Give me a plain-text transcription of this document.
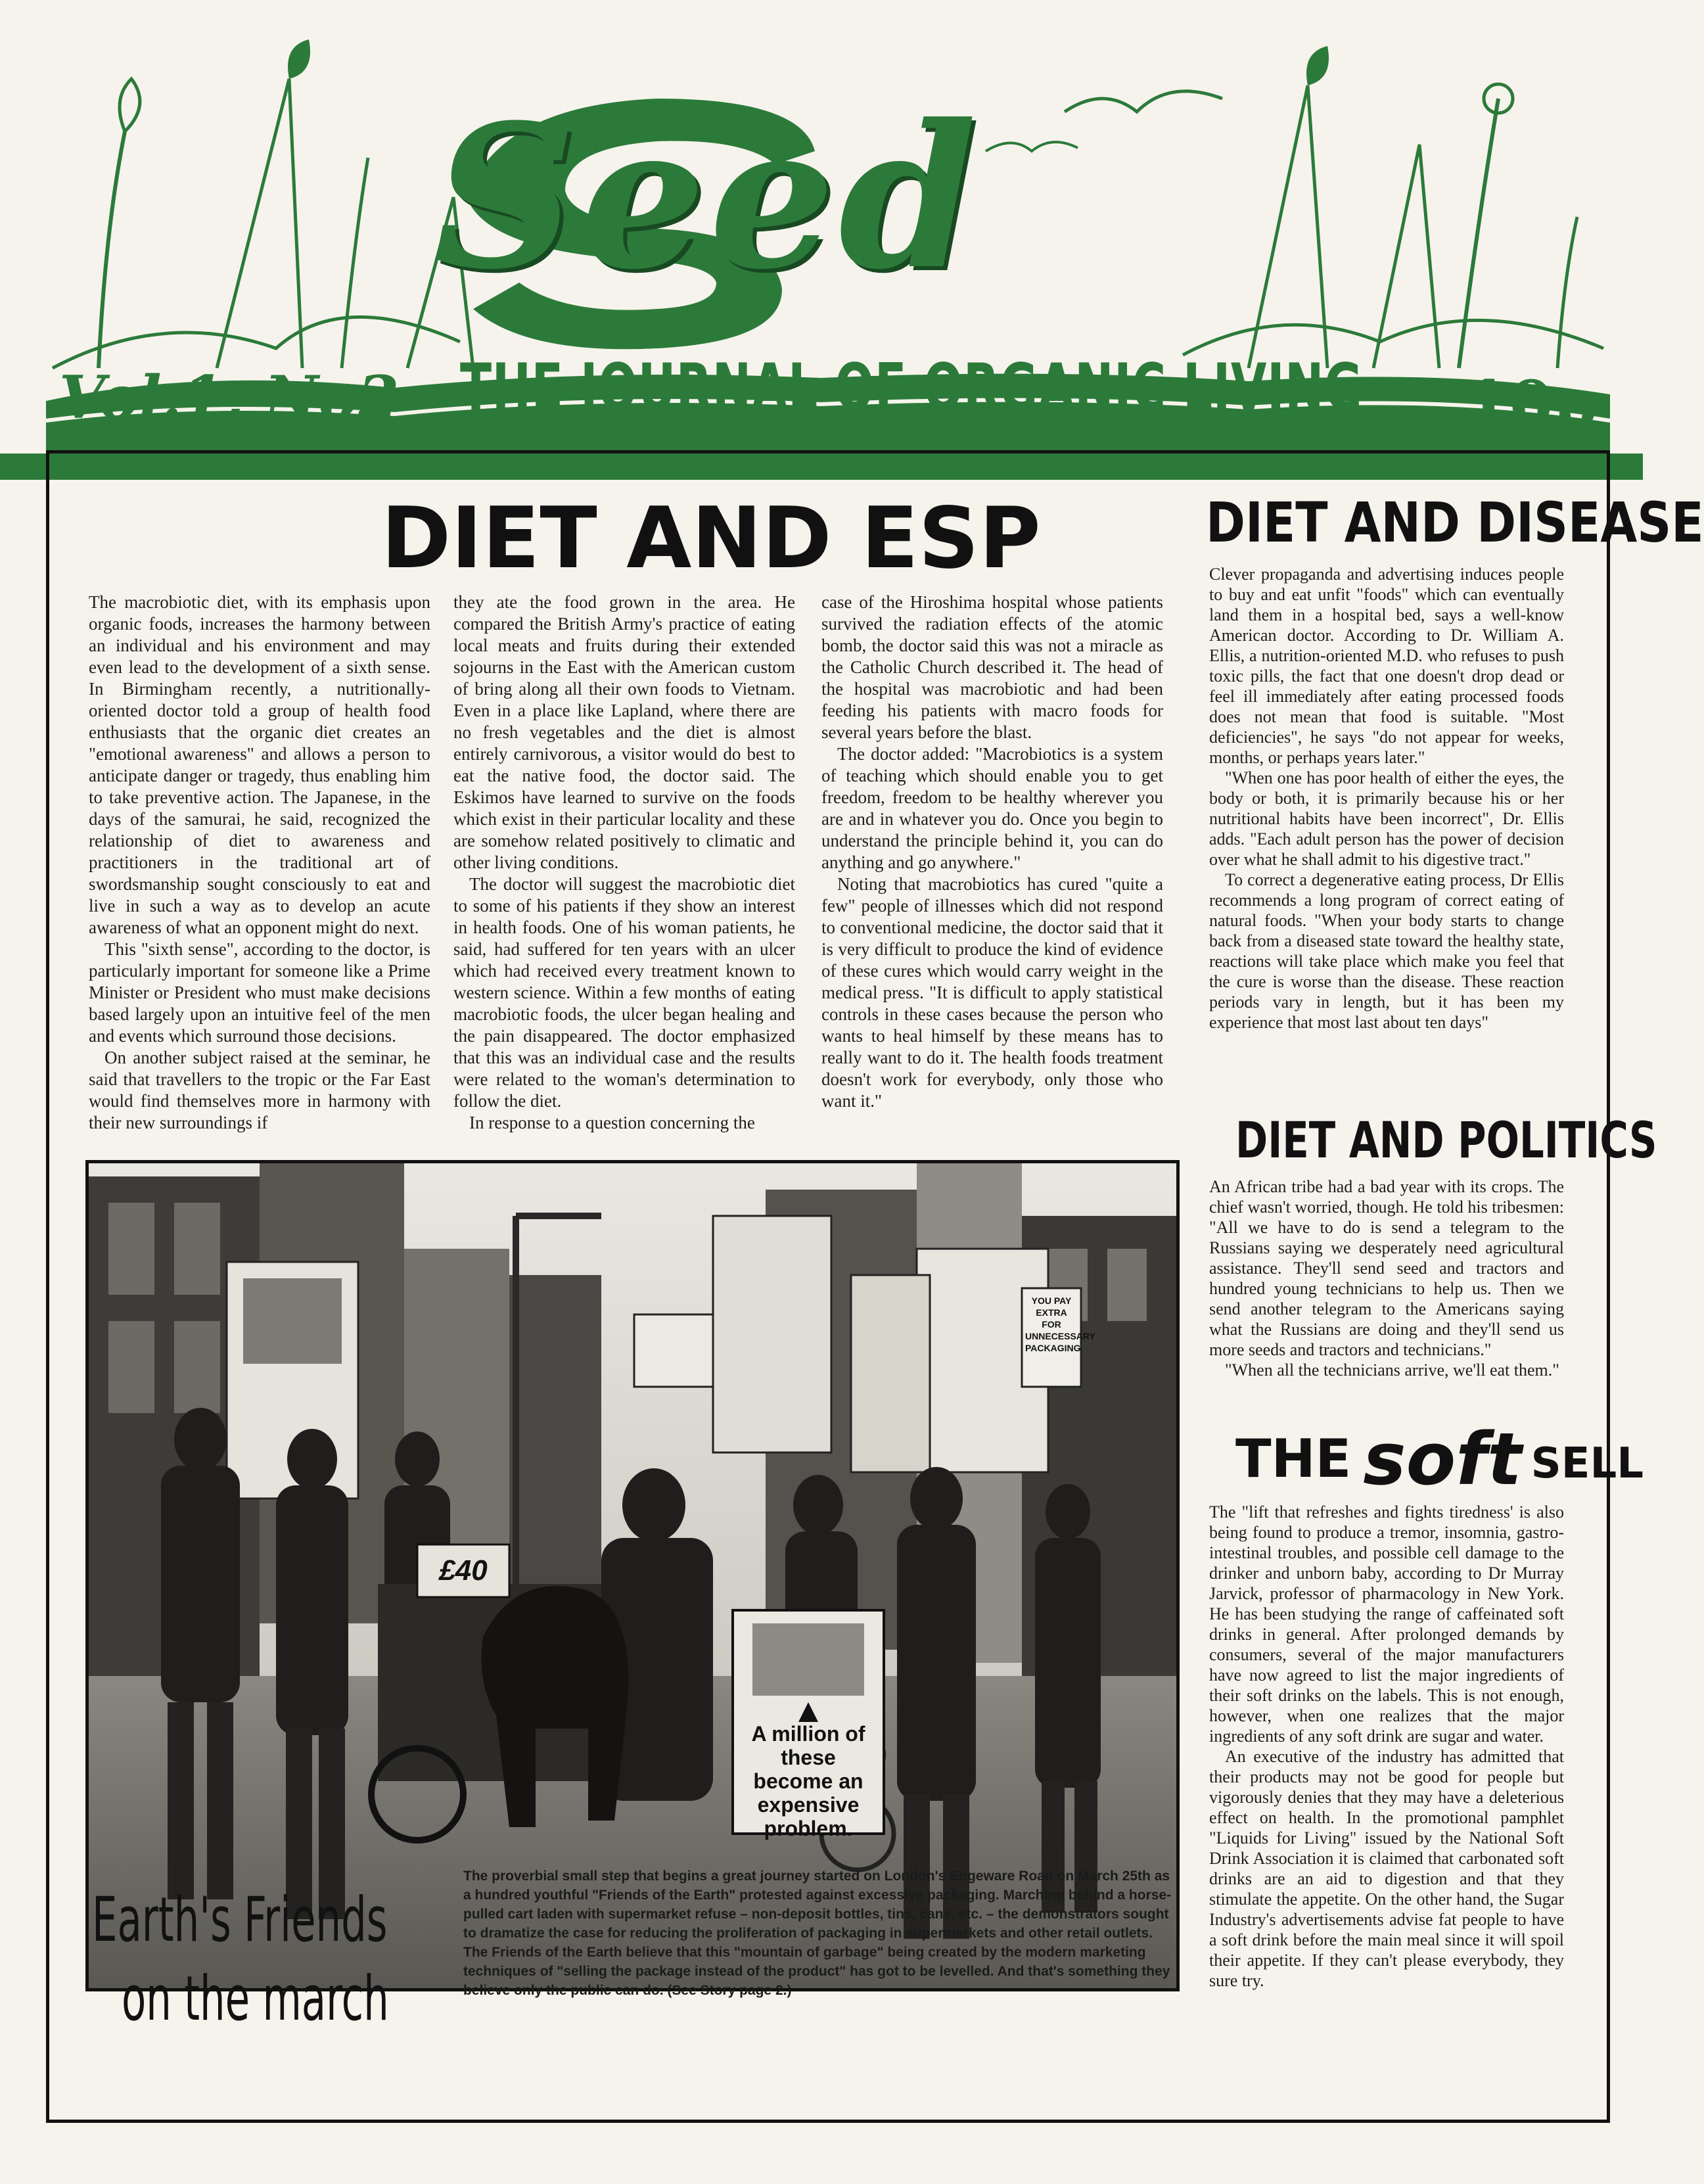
Seed
THE JOURNAL OF ORGANIC LIVING
Vol.1, No2	10p
DIET AND ESP

The macrobiotic diet, with its emphasis upon organic foods, increases the harmony between an individual and his environment and may even lead to the development of a sixth sense. In Birmingham recently, a nutritionally-oriented doctor told a group of health food enthusiasts that the organic diet creates an "emotional awareness" and allows a person to anticipate danger or tragedy, thus enabling him to take preventive action. The Japanese, in the days of the samurai, he said, recognized the relationship of diet to awareness and practitioners in the traditional art of swordsmanship sought consciously to eat and live in such a way as to develop an acute awareness of what an opponent might do next.

This "sixth sense", according to the doctor, is particularly important for someone like a Prime Minister or President who must make decisions based largely upon an intuitive feel of the men and events which surround those decisions.

On another subject raised at the seminar, he said that travellers to the tropic or the Far East would find themselves more in harmony with their new surroundings if

they ate the food grown in the area. He compared the British Army's practice of eating local meats and fruits during their extended sojourns in the East with the American custom of bring along all their own foods to Vietnam. Even in a place like Lapland, where there are no fresh vegetables and the diet is almost entirely carnivorous, a visitor would do best to eat the native food, the doctor said. The Eskimos have learned to survive on the foods which exist in their particular locality and these are somehow related positively to climatic and other living conditions.

The doctor will suggest the macrobiotic diet to some of his patients if they show an interest in health foods. One of his woman patients, he said, had suffered for ten years with an ulcer which had received every treatment known to western science. Within a few months of eating macrobiotic foods, the ulcer began healing and the pain disappeared. The doctor emphasized that this was an individual case and the results were related to the woman's determination to follow the diet.

In response to a question concerning the

case of the Hiroshima hospital whose patients survived the radiation effects of the atomic bomb, the doctor said this was not a miracle as the Catholic Church described it. The head of the hospital was macrobiotic and had been feeding his patients with macro foods for several years before the blast.

The doctor added: "Macrobiotics is a system of teaching which should enable you to get freedom, freedom to be healthy wherever you are and in whatever you do. Once you begin to understand the principle behind it, you can do anything and go anywhere."

Noting that macrobiotics has cured "quite a few" people of illnesses which did not respond to conventional medicine, the doctor said that it is very difficult to produce the kind of evidence of these cures which would carry weight in the medical press. "It is difficult to apply statistical controls in these cases because the person who wants to heal himself by these means has to really want to do it. The health foods treatment doesn't work for everybody, only those who want it."

DIET AND DISEASE

Clever propaganda and advertising induces people to buy and eat unfit "foods" which can eventually land them in a hospital bed, says a well-know American doctor. According to Dr. William A. Ellis, a nutrition-oriented M.D. who refuses to push toxic pills, the fact that one doesn't drop dead or feel ill immediately after eating processed foods does not mean that food is suitable. "Most deficiencies", he says "do not appear for weeks, months, or perhaps years later."

"When one has poor health of either the eyes, the body or both, it is primarily because his or her nutritional habits have been incorrect", Dr. Ellis adds. "Each adult person has the power of decision over what he shall admit to his digestive tract."

To correct a degenerative eating process, Dr Ellis recommends a long program of correct eating of natural foods. "When your body starts to change back from a diseased state toward the healthy state, reactions will take place which make you feel that the cure is worse than the disease. These reaction periods vary in length, but it has been my experience that most last about ten days"

DIET AND POLITICS

An African tribe had a bad year with its crops. The chief wasn't worried, though. He told his tribesmen: "All we have to do is send a telegram to the Russians saying we desperately need agricultural assistance. They'll send seed and tractors and hundred young technicians to help us. Then we send another telegram to the Americans saying what the Russians are doing and they'll send us more seeds and tractors and technicians."

"When all the technicians arrive, we'll eat them."

THE soft SELL

The "lift that refreshes and fights tiredness' is also being found to produce a tremor, insomnia, gastro-intestinal troubles, and possible cell damage to the drinker and unborn baby, according to Dr Murray Jarvick, professor of pharmacology in New York. He has been studying the range of caffeinated soft drinks in general. After prolonged demands by consumers, several of the major manufacturers have now agreed to list the major ingredients of their soft drinks on the labels. This is not enough, however, when one realizes that the major ingredients of any soft drink are sugar and water.

An executive of the industry has admitted that their products may not be good for people but vigorously denies that they may have a deleterious effect on health. In the promotional pamphlet "Liquids for Living" issued by the National Soft Drink Association it is claimed that carbonated soft drinks are an aid to digestion and that they stimulate the appetite. On the other hand, the Sugar Industry's advertisements advise fat people to have a soft drink before the main meal since it will spoil their appetite. If they can't please everybody, they sure try.

A million of these become an expensive problem.
YOU PAY EXTRA FOR UNNECESSARY PACKAGING
£40
Earth's Friends
on the march
The proverbial small step that begins a great journey started on London's Edgeware Road on March 25th as a hundred youthful "Friends of the Earth" protested against excessive packaging. Marching behind a horse-pulled cart laden with supermarket refuse – non-deposit bottles, tins, cans, etc. – the demonstrators sought to dramatize the case for reducing the proliferation of packaging in supermarkets and other retail outlets. The Friends of the Earth believe that this "mountain of garbage" being created by the modern marketing techniques of "selling the package instead of the product" has got to be levelled. And that's something they believe only the public can do. (See Story page 2.)
